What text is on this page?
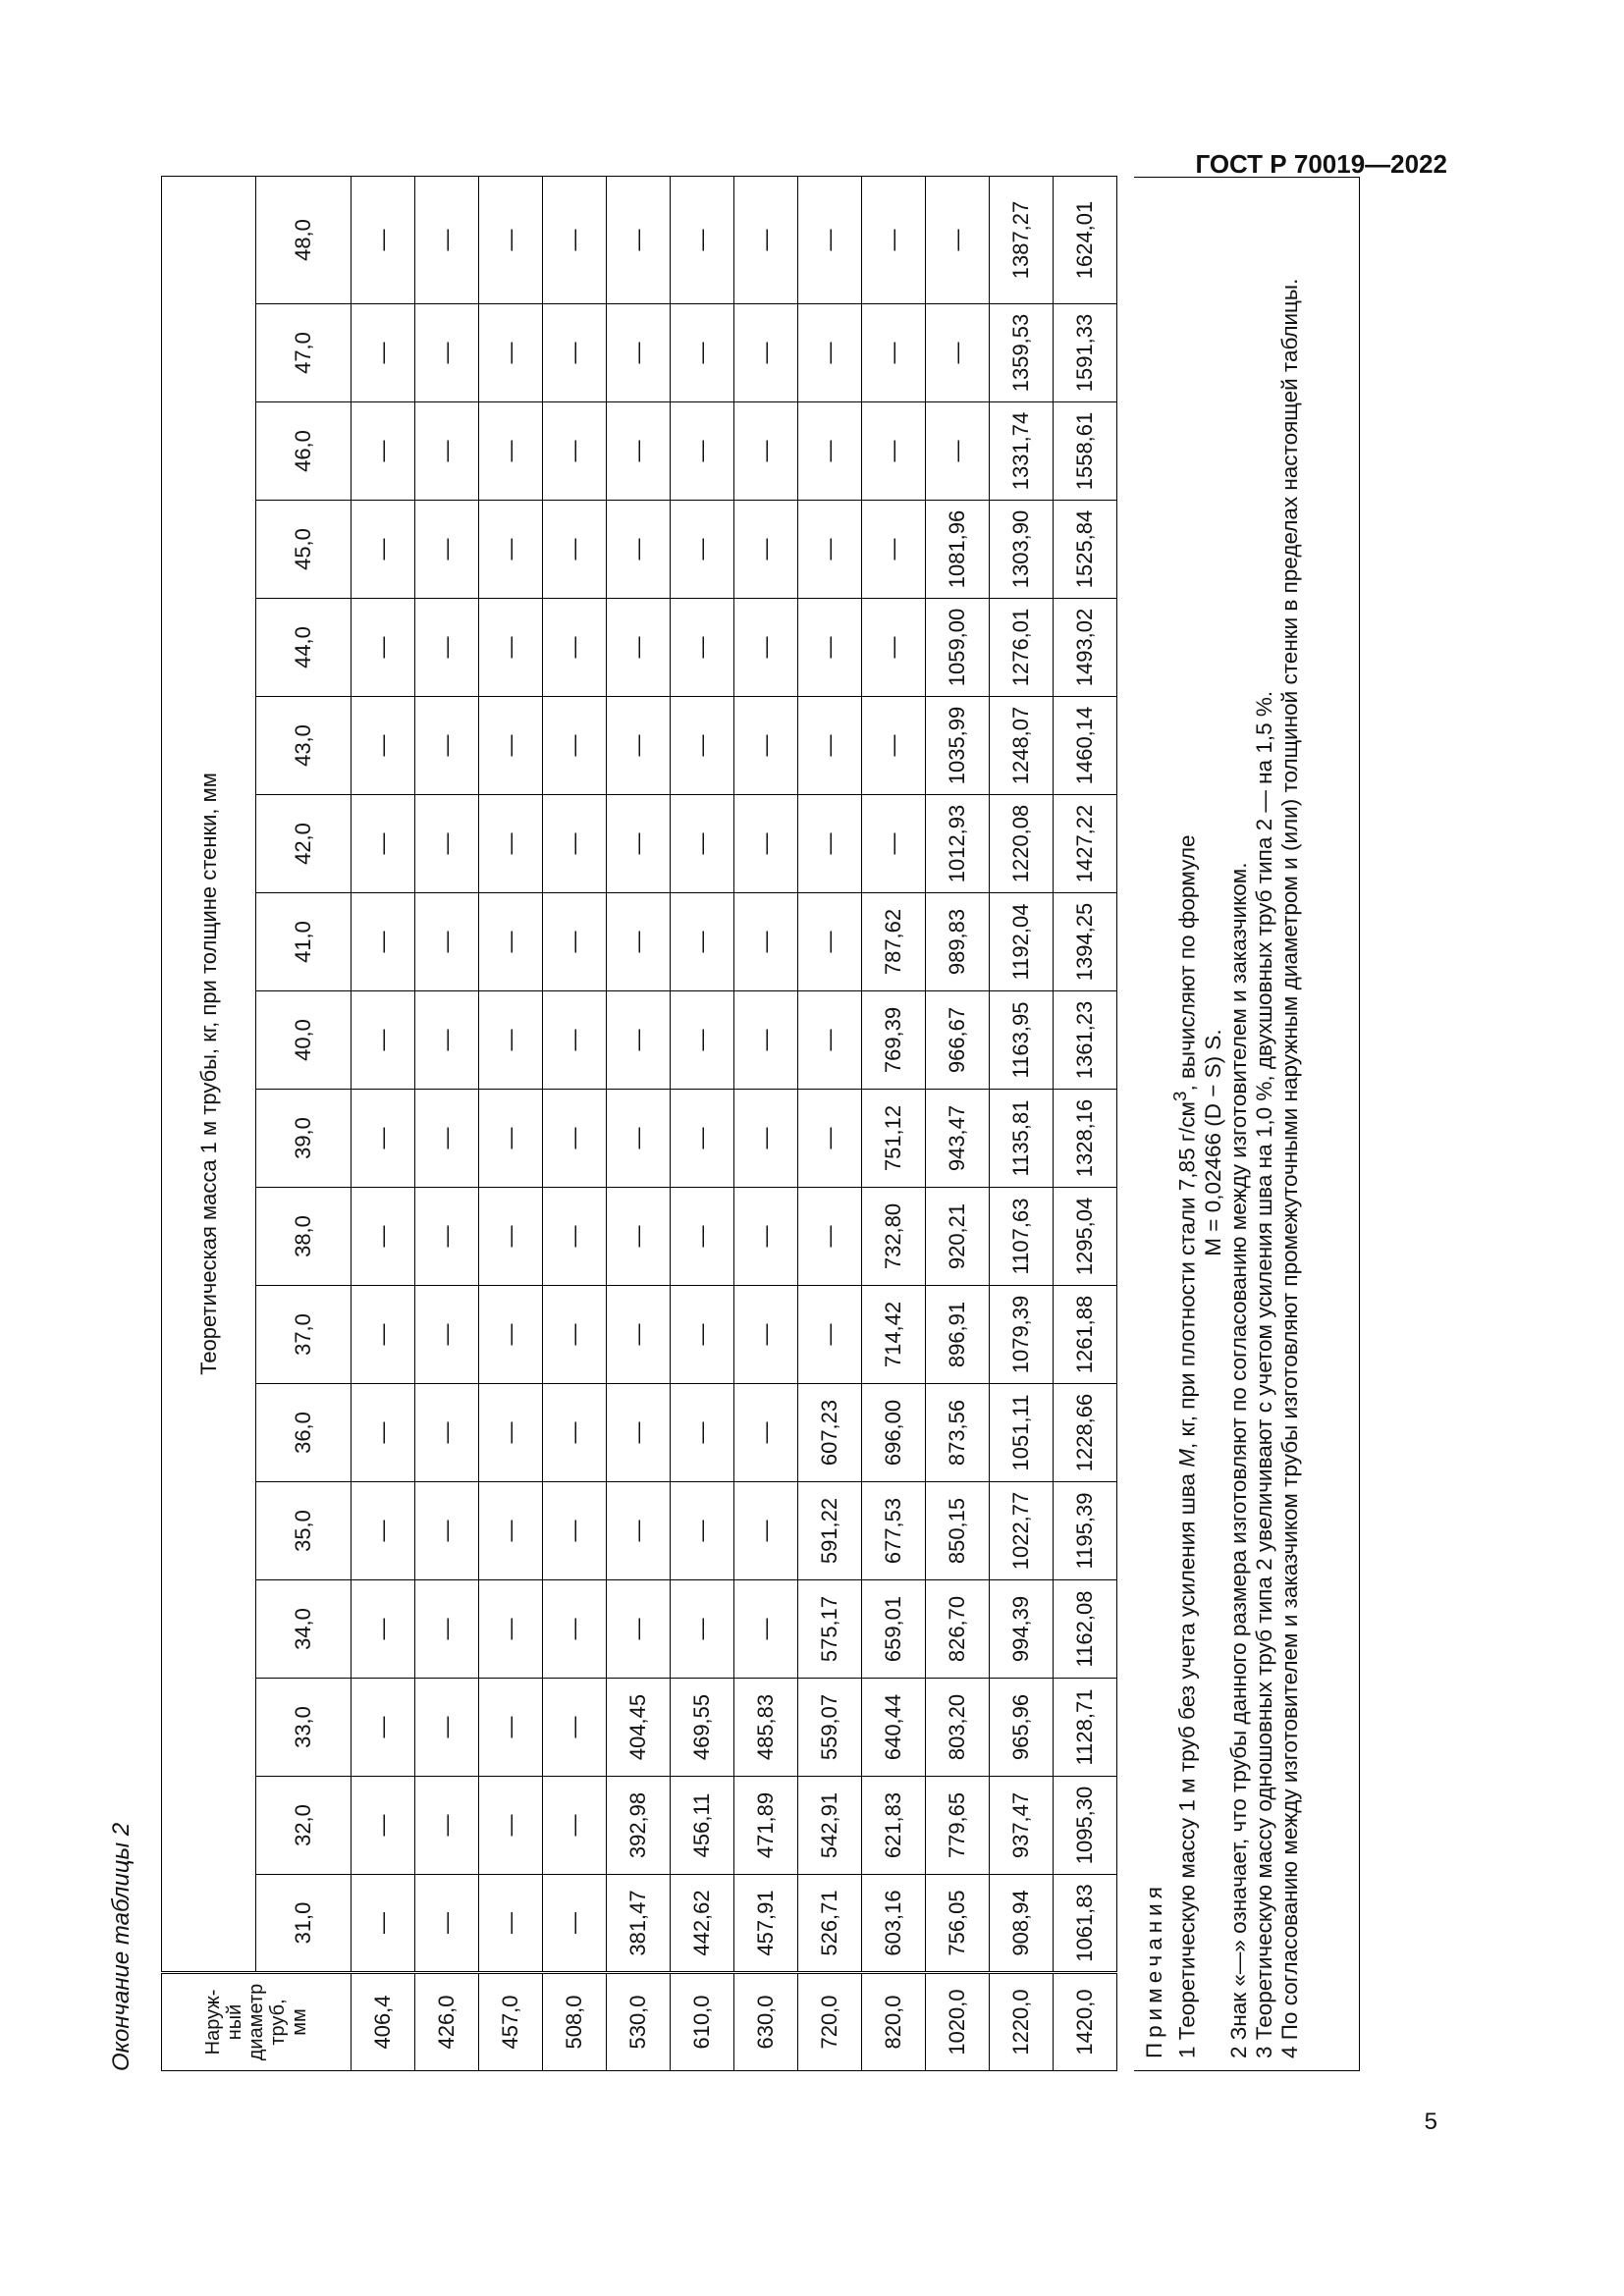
ГОСТ Р 70019—2022
5
Окончание таблицы 2	Наруж-
ный
диаметр
труб,
мм	Теоретическая масса 1 м трубы, кг, при толщине стенки, мм																	
	31,0	32,0	33,0	34,0	35,0	36,0	37,0	38,0	39,0	40,0	41,0	42,0	43,0	44,0	45,0	46,0	47,0	48,0
406,4	—	—	—	—	—	—	—	—	—	—	—	—	—	—	—	—	—	—
426,0	—	—	—	—	—	—	—	—	—	—	—	—	—	—	—	—	—	—
457,0	—	—	—	—	—	—	—	—	—	—	—	—	—	—	—	—	—	—
508,0	—	—	—	—	—	—	—	—	—	—	—	—	—	—	—	—	—	—
530,0	381,47	392,98	404,45	—	—	—	—	—	—	—	—	—	—	—	—	—	—	—
610,0	442,62	456,11	469,55	—	—	—	—	—	—	—	—	—	—	—	—	—	—	—
630,0	457,91	471,89	485,83	—	—	—	—	—	—	—	—	—	—	—	—	—	—	—
720,0	526,71	542,91	559,07	575,17	591,22	607,23	—	—	—	—	—	—	—	—	—	—	—	—
820,0	603,16	621,83	640,44	659,01	677,53	696,00	714,42	732,80	751,12	769,39	787,62	—	—	—	—	—	—	—
1020,0	756,05	779,65	803,20	826,70	850,15	873,56	896,91	920,21	943,47	966,67	989,83	1012,93	1035,99	1059,00	1081,96	—	—	—
1220,0	908,94	937,47	965,96	994,39	1022,77	1051,11	1079,39	1107,63	1135,81	1163,95	1192,04	1220,08	1248,07	1276,01	1303,90	1331,74	1359,53	1387,27
1420,0	1061,83	1095,30	1128,71	1162,08	1195,39	1228,66	1261,88	1295,04	1328,16	1361,23	1394,25	1427,22	1460,14	1493,02	1525,84	1558,61	1591,33	1624,01

Примечания 1 Теоретическую массу 1 м труб без учета усиления шва M, кг, при плотности стали 7,85 $г/см^3$, вычисляют по формуле

M = 0,02466 (D − S) S. 2 Знак «—» означает, что трубы данного размера изготовляют по согласованию между изготовителем и заказчиком. 3 Теоретическую массу одношовных труб типа 2 увеличивают с учетом усиления шва на 1,0 %, двухшовных труб типа 2 — на 1,5 %. 4 По согласованию между изготовителем и заказчиком трубы изготовляют промежуточными наружным диаметром и (или) толщиной стенки в пределах настоящей таблицы.
